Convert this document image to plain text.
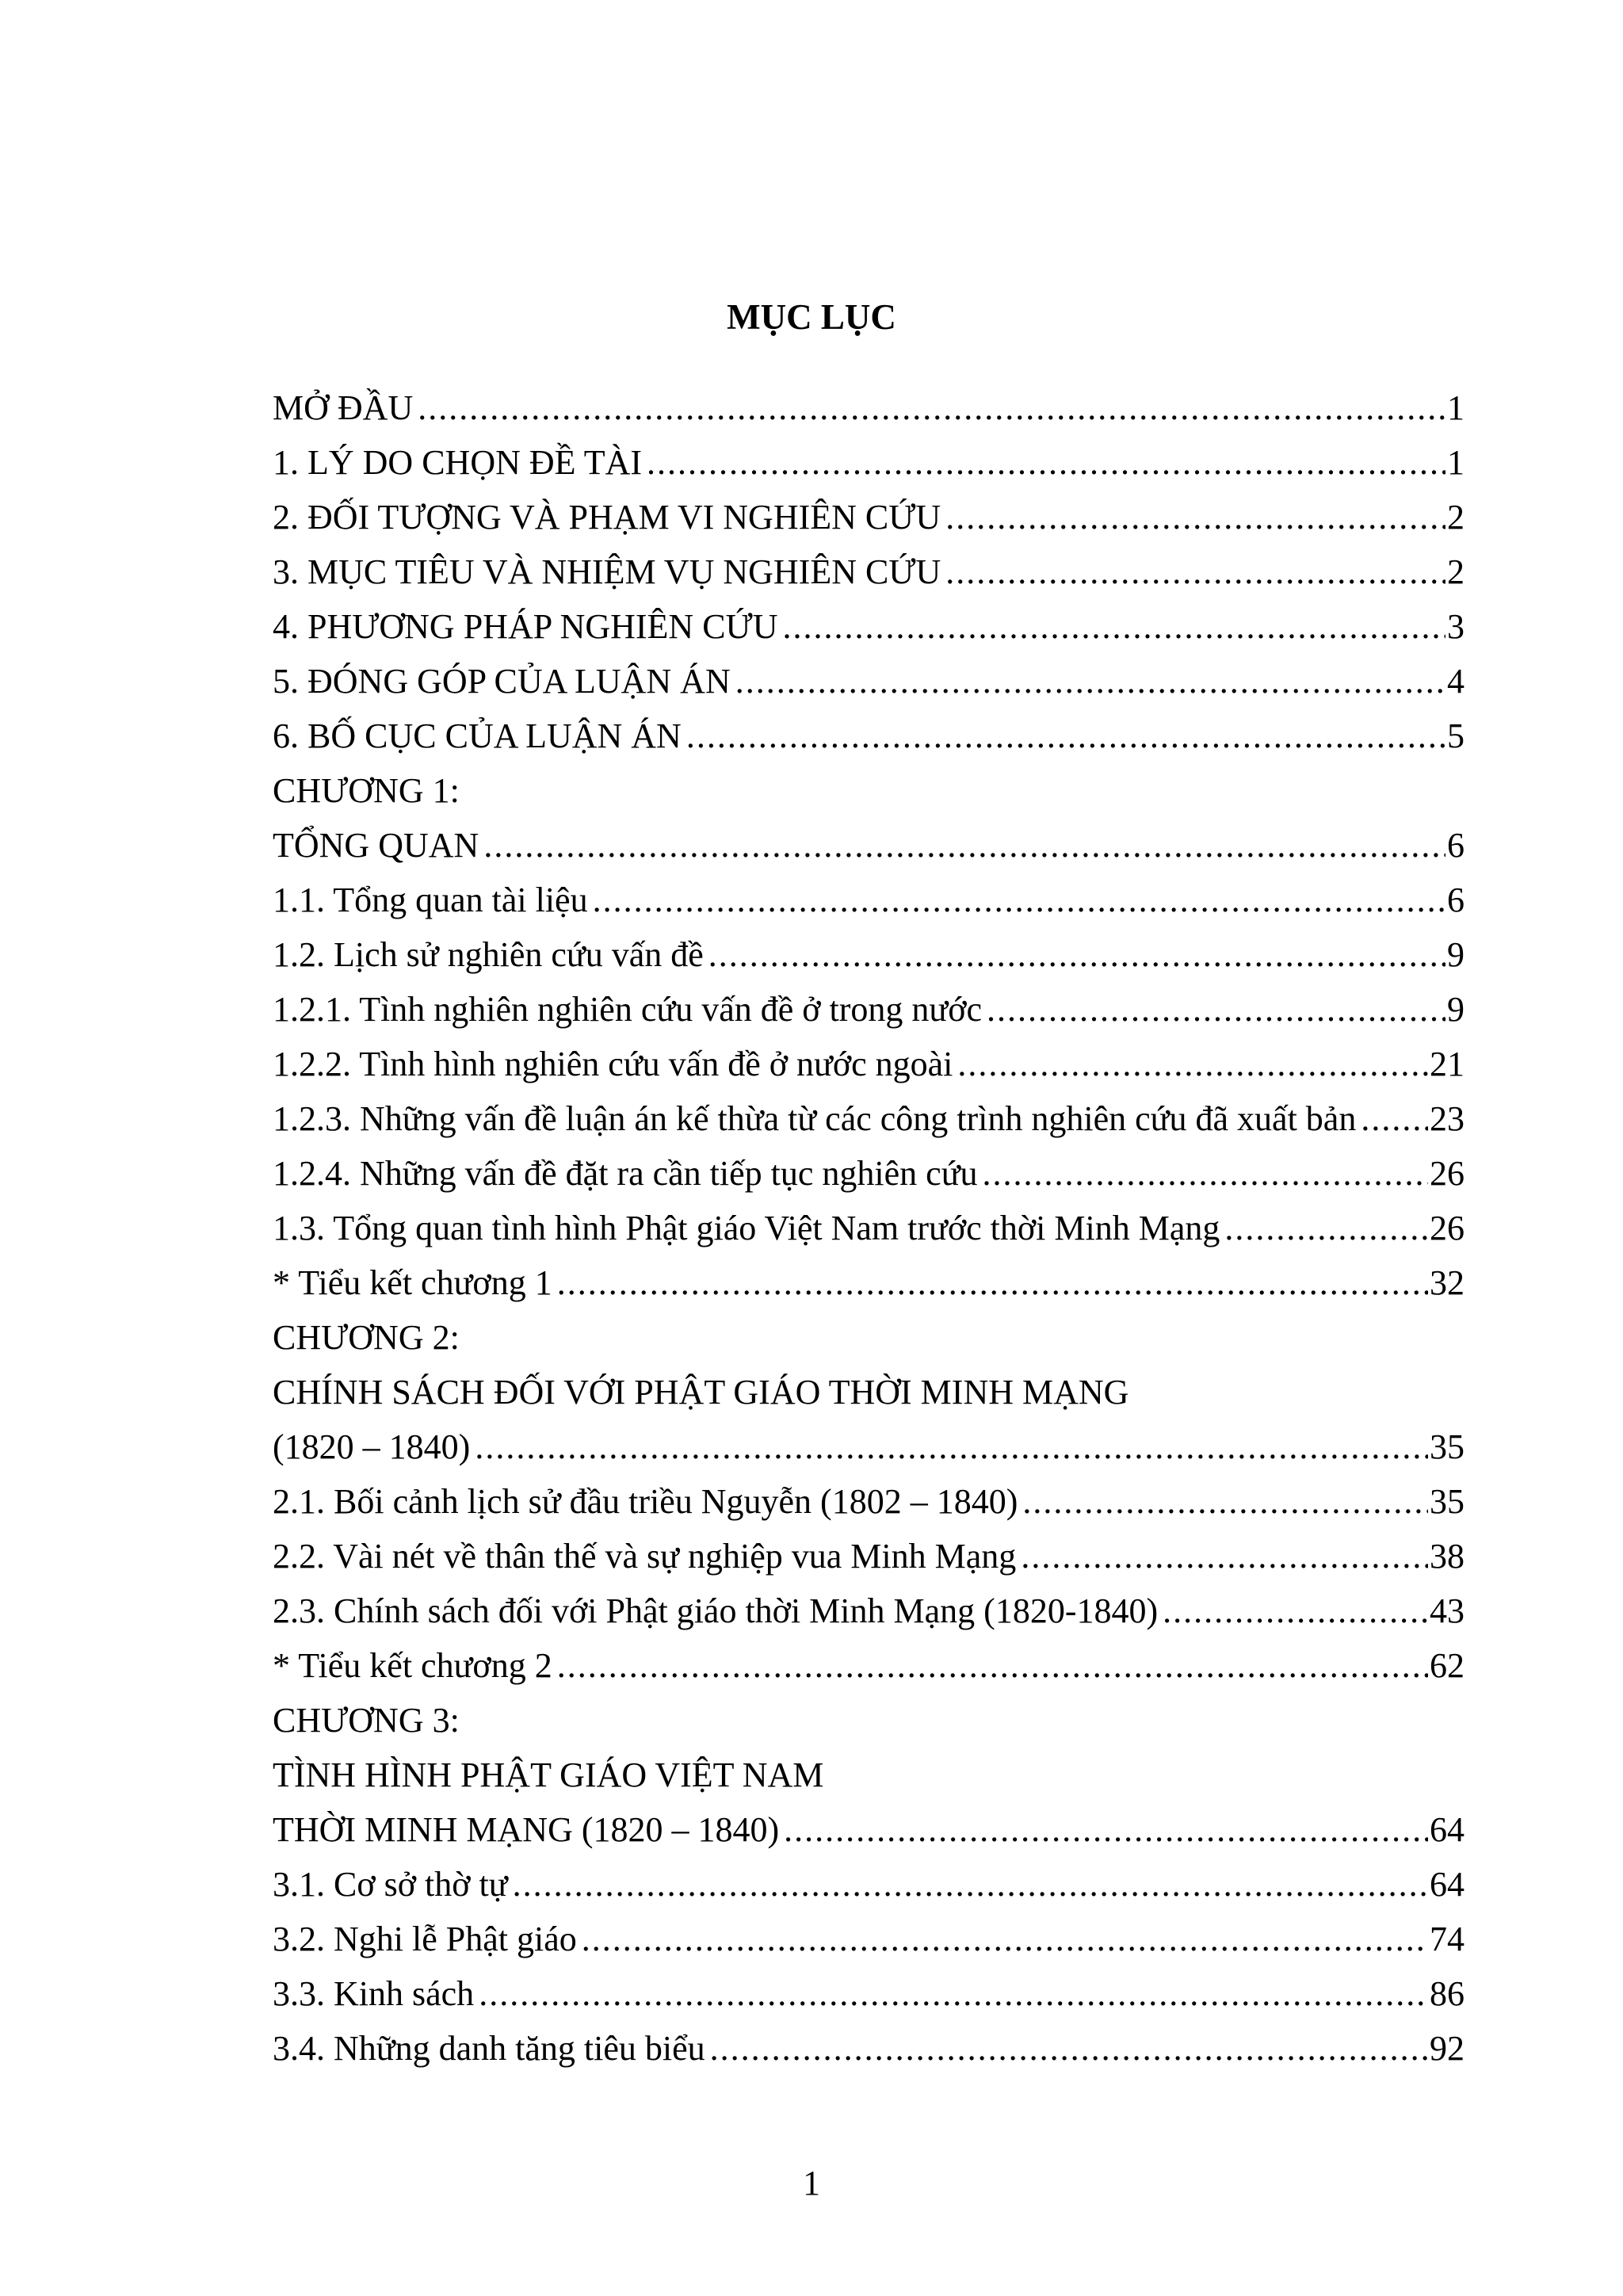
MỤC LỤC
MỞ ĐẦU .....	1
1. LÝ DO CHỌN ĐỀ TÀI .....	1
2. ĐỐI TƯỢNG VÀ PHẠM VI NGHIÊN CỨU .....	2
3. MỤC TIÊU VÀ NHIỆM VỤ NGHIÊN CỨU .....	2
4. PHƯƠNG PHÁP NGHIÊN CỨU .....	3
5. ĐÓNG GÓP CỦA LUẬN ÁN .....	4
6. BỐ CỤC CỦA LUẬN ÁN .....	5
CHƯƠNG 1:
TỔNG QUAN .....	6
1.1. Tổng quan tài liệu .....	6
1.2. Lịch sử nghiên cứu vấn đề .....	9
1.2.1. Tình nghiên nghiên cứu vấn đề ở trong nước .....	9
1.2.2. Tình hình nghiên cứu vấn đề ở nước ngoài .....	21
1.2.3. Những vấn đề luận án kế thừa từ các công trình nghiên cứu đã xuất bản ..... 23
1.2.4. Những vấn đề đặt ra cần tiếp tục nghiên cứu .....	26
1.3. Tổng quan tình hình Phật giáo Việt Nam trước thời Minh Mạng .....	26
* Tiểu kết chương 1 .....	32
CHƯƠNG 2:
CHÍNH SÁCH ĐỐI VỚI PHẬT GIÁO THỜI MINH MẠNG
(1820 – 1840) .....	35
2.1. Bối cảnh lịch sử đầu triều Nguyễn (1802 – 1840) .....	35
2.2. Vài nét về thân thế và sự nghiệp vua Minh Mạng .....	38
2.3. Chính sách đối với Phật giáo thời Minh Mạng (1820-1840) .....	43
* Tiểu kết chương 2 .....	62
CHƯƠNG 3:
TÌNH HÌNH PHẬT GIÁO VIỆT NAM
THỜI MINH MẠNG (1820 – 1840) .....	64
3.1. Cơ sở thờ tự .....	64
3.2. Nghi lễ Phật giáo .....	74
3.3. Kinh sách .....	86
3.4. Những danh tăng tiêu biểu .....	92
1
